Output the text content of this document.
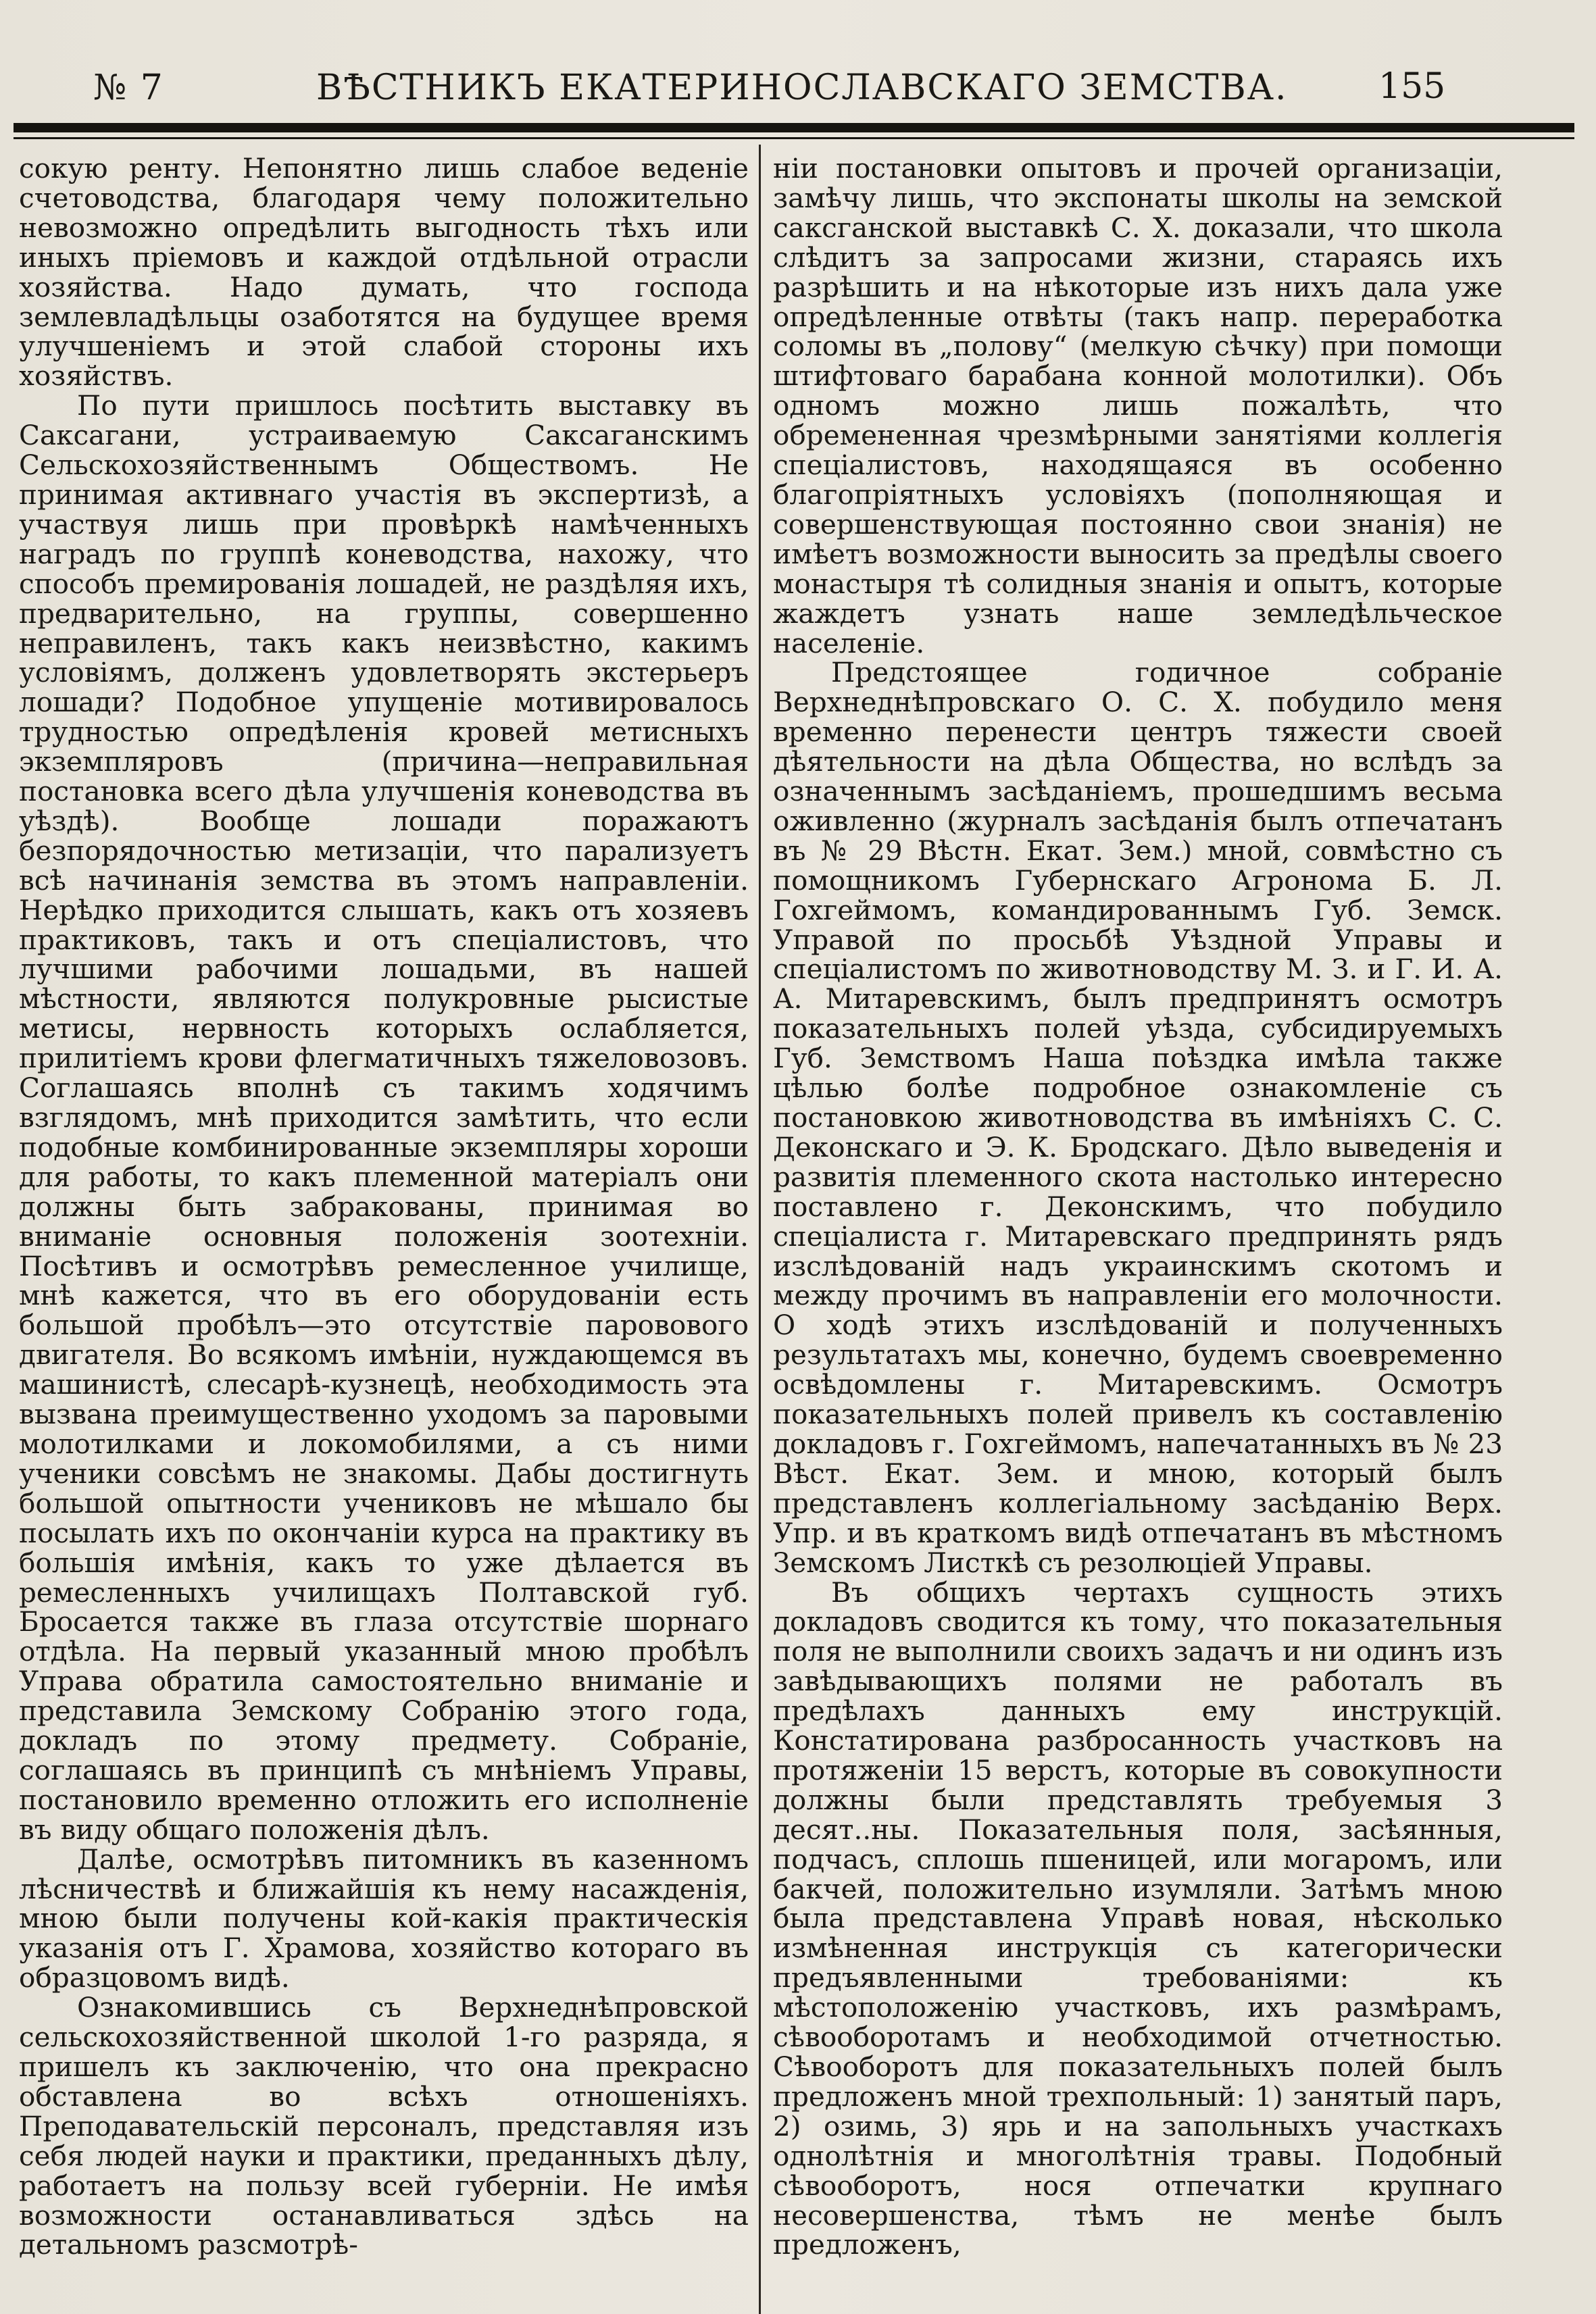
№ 7	ВѢСТНИКЪ ЕКАТЕРИНОСЛАВСКАГО ЗЕМСТВА.	155

сокую ренту. Непонятно лишь слабое веденіе счетоводства, благодаря чему положительно невозможно опредѣлить выгодность тѣхъ или иныхъ пріемовъ и каждой отдѣльной отрасли хозяйства. Надо думать, что господа землевладѣльцы озаботятся на будущее время улучшеніемъ и этой слабой стороны ихъ хозяйствъ.

По пути пришлось посѣтить выставку въ Саксагани, устраиваемую Саксаганскимъ Сельскохозяйственнымъ Обществомъ. Не принимая активнаго участія въ экспертизѣ, а участвуя лишь при провѣркѣ намѣченныхъ наградъ по группѣ коневодства, нахожу, что способъ премированія лошадей, не раздѣляя ихъ, предварительно, на группы, совершенно неправиленъ, такъ какъ неизвѣстно, какимъ условіямъ, долженъ удовлетворять экстерьеръ лошади? Подобное упущеніе мотивировалось трудностью опредѣленія кровей метисныхъ экземпляровъ (причина—неправильная постановка всего дѣла улучшенія коневодства въ уѣздѣ). Вообще лошади поражаютъ безпорядочностью метизаціи, что парализуетъ всѣ начинанія земства въ этомъ направленіи. Нерѣдко приходится слышать, какъ отъ хозяевъ практиковъ, такъ и отъ спеціалистовъ, что лучшими рабочими лошадьми, въ нашей мѣстности, являются полукровные рысистые метисы, нервность которыхъ ослабляется, прилитіемъ крови флегматичныхъ тяжеловозовъ. Соглашаясь вполнѣ съ такимъ ходячимъ взглядомъ, мнѣ приходится замѣтить, что если подобные комбинированные экземпляры хороши для работы, то какъ племенной матеріалъ они должны быть забракованы, принимая во вниманіе основныя положенія зоотехніи. Посѣтивъ и осмотрѣвъ ремесленное училище, мнѣ кажется, что въ его оборудованіи есть большой пробѣлъ—это отсутствіе паровового двигателя. Во всякомъ имѣніи, нуждающемся въ машинистѣ, слесарѣ-кузнецѣ, необходимость эта вызвана преимущественно уходомъ за паровыми молотилками и локомобилями, а съ ними ученики совсѣмъ не знакомы. Дабы достигнуть большой опытности учениковъ не мѣшало бы посылать ихъ по окончаніи курса на практику въ большія имѣнія, какъ то уже дѣлается въ ремесленныхъ училищахъ Полтавской губ. Бросается также въ глаза отсутствіе шорнаго отдѣла. На первый указанный мною пробѣлъ Управа обратила самостоятельно вниманіе и представила Земскому Собранію этого года, докладъ по этому предмету. Собраніе, соглашаясь въ принципѣ съ мнѣніемъ Управы, постановило временно отложить его исполненіе въ виду общаго положенія дѣлъ.

Далѣе, осмотрѣвъ питомникъ въ казенномъ лѣсничествѣ и ближайшія къ нему насажденія, мною были получены кой-какія практическія указанія отъ Г. Храмова, хозяйство котораго въ образцовомъ видѣ.

Ознакомившись съ Верхнеднѣпровской сельскохозяйственной школой 1-го разряда, я пришелъ къ заключенію, что она прекрасно обставлена во всѣхъ отношеніяхъ. Преподавательскій персоналъ, представляя изъ себя людей науки и практики, преданныхъ дѣлу, работаетъ на пользу всей губерніи. Не имѣя возможности останавливаться здѣсь на детальномъ разсмотрѣ-

ніи постановки опытовъ и прочей организаціи, замѣчу лишь, что экспонаты школы на земской саксганской выставкѣ С. Х. доказали, что школа слѣдитъ за запросами жизни, стараясь ихъ разрѣшить и на нѣкоторые изъ нихъ дала уже опредѣленные отвѣты (такъ напр. переработка соломы въ „полову“ (мелкую сѣчку) при помощи штифтоваго барабана конной молотилки). Объ одномъ можно лишь пожалѣть, что обремененная чрезмѣрными занятіями коллегія спеціалистовъ, находящаяся въ особенно благопріятныхъ условіяхъ (пополняющая и совершенствующая постоянно свои знанія) не имѣетъ возможности выносить за предѣлы своего монастыря тѣ солидныя знанія и опытъ, которые жаждетъ узнать наше земледѣльческое населеніе.

Предстоящее годичное собраніе Верхнеднѣпровскаго О. С. Х. побудило меня временно перенести центръ тяжести своей дѣятельности на дѣла Общества, но вслѣдъ за означеннымъ засѣданіемъ, прошедшимъ весьма оживленно (журналъ засѣданія былъ отпечатанъ въ № 29 Вѣстн. Екат. Зем.) мной, совмѣстно съ помощникомъ Губернскаго Агронома Б. Л. Гохгеймомъ, командированнымъ Губ. Земск. Управой по просьбѣ Уѣздной Управы и спеціалистомъ по животноводству М. З. и Г. И. А. А. Митаревскимъ, былъ предпринятъ осмотръ показательныхъ полей уѣзда, субсидируемыхъ Губ. Земствомъ Наша поѣздка имѣла также цѣлью болѣе подробное ознакомленіе съ постановкою животноводства въ имѣніяхъ С. С. Деконскаго и Э. К. Бродскаго. Дѣло выведенія и развитія племенного скота настолько интересно поставлено г. Деконскимъ, что побудило спеціалиста г. Митаревскаго предпринять рядъ изслѣдованій надъ украинскимъ скотомъ и между прочимъ въ направленіи его молочности. О ходѣ этихъ изслѣдованій и полученныхъ результатахъ мы, конечно, будемъ своевременно освѣдомлены г. Митаревскимъ. Осмотръ показательныхъ полей привелъ къ составленію докладовъ г. Гохгеймомъ, напечатанныхъ въ № 23 Вѣст. Екат. Зем. и мною, который былъ представленъ коллегіальному засѣданію Верх. Упр. и въ краткомъ видѣ отпечатанъ въ мѣстномъ Земскомъ Листкѣ съ резолюціей Управы.

Въ общихъ чертахъ сущность этихъ докладовъ сводится къ тому, что показательныя поля не выполнили своихъ задачъ и ни одинъ изъ завѣдывающихъ полями не работалъ въ предѣлахъ данныхъ ему инструкцій. Констатирована разбросанность участковъ на протяженіи 15 верстъ, которые въ совокупности должны были представлять требуемыя 3 десят..ны. Показательныя поля, засѣянныя, подчасъ, сплошь пшеницей, или могаромъ, или бакчей, положительно изумляли. Затѣмъ мною была представлена Управѣ новая, нѣсколько измѣненная инструкція съ категорически предъявленными требованіями: къ мѣстоположенію участковъ, ихъ размѣрамъ, сѣвооборотамъ и необходимой отчетностью. Сѣвооборотъ для показательныхъ полей былъ предложенъ мной трехпольный: 1) занятый паръ, 2) озимь, 3) ярь и на запольныхъ участкахъ однолѣтнія и многолѣтнія травы. Подобный сѣвооборотъ, нося отпечатки крупнаго несовершенства, тѣмъ не менѣе былъ предложенъ,
